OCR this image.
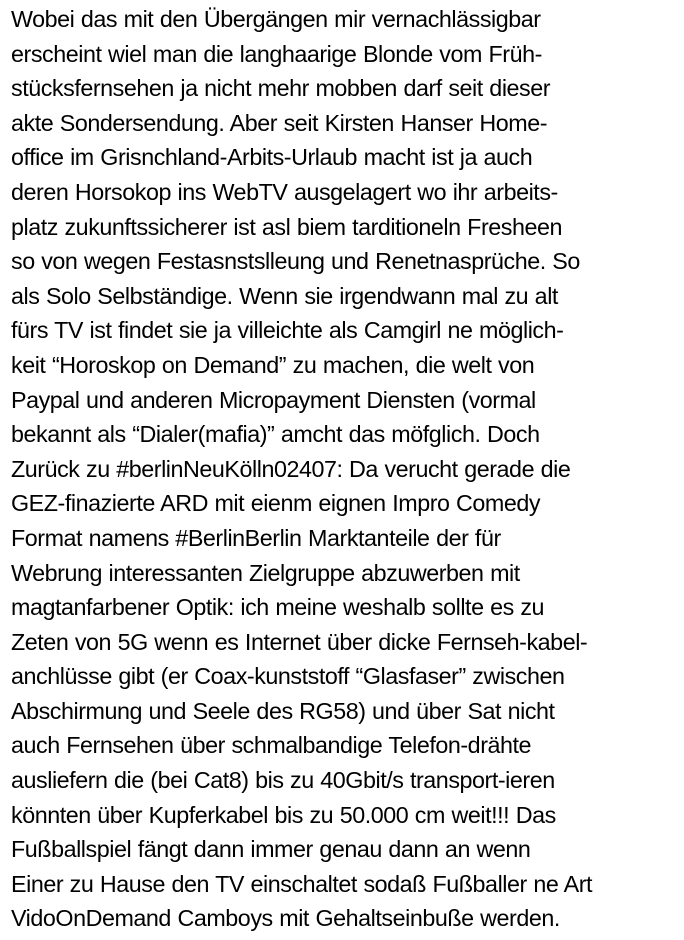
Wobei das mit den Übergängen mir vernachlässigbar
erscheint wiel man die langhaarige Blonde vom Früh-
stücksfernsehen ja nicht mehr mobben darf seit dieser
akte Sondersendung. Aber seit Kirsten Hanser Home-
office im Grisnchland-Arbits-Urlaub macht ist ja auch
deren Horsokop ins WebTV ausgelagert wo ihr arbeits-
platz zukunftssicherer ist asl biem tarditioneln Fresheen
so von wegen Festasnstslleung und Renetnasprüche. So
als Solo Selbständige. Wenn sie irgendwann mal zu alt
fürs TV ist findet sie ja villeichte als Camgirl ne möglich-
keit “Horoskop on Demand” zu machen, die welt von
Paypal und anderen Micropayment Diensten (vormal
bekannt als “Dialer(mafia)” amcht das möfglich. Doch
Zurück zu #berlinNeuKölln02407: Da verucht gerade die
GEZ-finazierte ARD mit eienm eignen Impro Comedy
Format namens #BerlinBerlin Marktanteile der für
Webrung interessanten Zielgruppe abzuwerben mit
magtanfarbener Optik: ich meine weshalb sollte es zu
Zeten von 5G wenn es Internet über dicke Fernseh-kabel-
anchlüsse gibt (er Coax-kunststoff “Glasfaser” zwischen
Abschirmung und Seele des RG58) und über Sat nicht
auch Fernsehen über schmalbandige Telefon-drähte
ausliefern die (bei Cat8) bis zu 40Gbit/s transport-ieren
könnten über Kupferkabel bis zu 50.000 cm weit!!! Das
Fußballspiel fängt dann immer genau dann an wenn
Einer zu Hause den TV einschaltet sodaß Fußballer ne Art
VidoOnDemand Camboys mit Gehaltseinbuße werden.
